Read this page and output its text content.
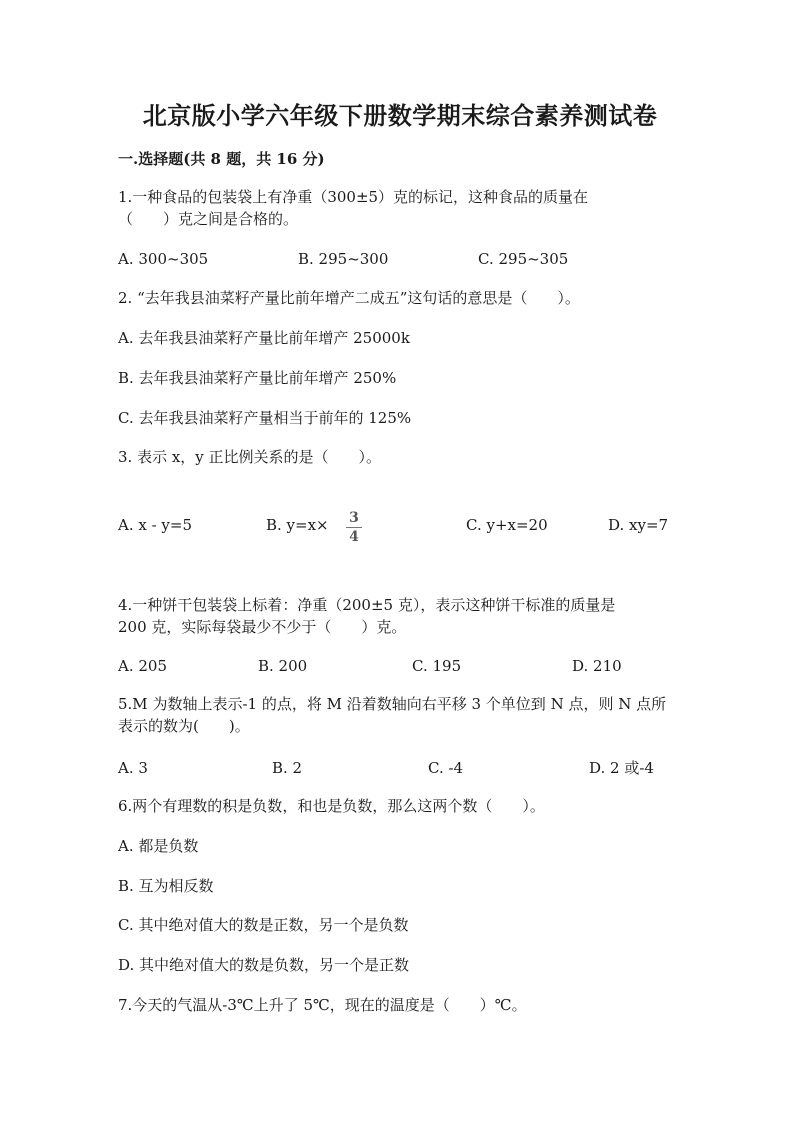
北京版小学六年级下册数学期末综合素养测试卷
一.选择题(共 8 题，共 16 分)
1.一种食品的包装袋上有净重（300±5）克的标记，这种食品的质量在
（　　）克之间是合格的。
A. 300~305	B. 295~300	C. 295~305
2. “去年我县油菜籽产量比前年增产二成五”这句话的意思是（　　）。
A. 去年我县油菜籽产量比前年增产 25000k
B. 去年我县油菜籽产量比前年增产 250%
C. 去年我县油菜籽产量相当于前年的 125%
3. 表示 x，y 正比例关系的是（　　）。
A. x - y=5	B. y=x×	3
4
C. y+x=20	D. xy=7
4.一种饼干包装袋上标着：净重（200±5 克），表示这种饼干标准的质量是
200 克，实际每袋最少不少于（　　）克。
A. 205	B. 200	C. 195	D. 210
5.M 为数轴上表示-1 的点，将 M 沿着数轴向右平移 3 个单位到 N 点，则 N 点所
表示的数为(　　)。
A. 3	B. 2	C. -4	D. 2 或-4
6.两个有理数的积是负数，和也是负数，那么这两个数（　　）。
A. 都是负数
B. 互为相反数
C. 其中绝对值大的数是正数，另一个是负数
D. 其中绝对值大的数是负数，另一个是正数
7.今天的气温从-3℃上升了 5℃，现在的温度是（　　）℃。
